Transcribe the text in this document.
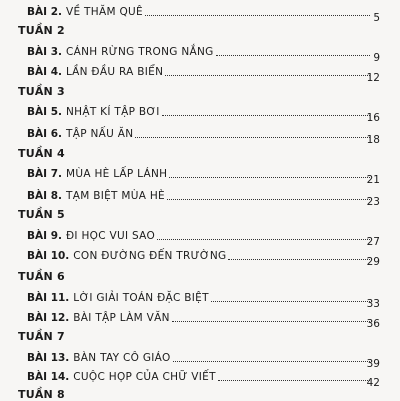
BÀI 2. VỀ THĂM QUÊ	5
TUẦN 2
BÀI 3. CÁNH RỪNG TRONG NẮNG	9
BÀI 4. LẦN ĐẦU RA BIỂN	12
TUẦN 3
BÀI 5. NHẬT KÍ TẬP BƠI	16
BÀI 6. TẬP NẤU ĂN	18
TUẦN 4
BÀI 7. MÙA HÈ LẤP LÁNH	21
BÀI 8. TẠM BIỆT MÙA HÈ	23
TUẦN 5
BÀI 9. ĐI HỌC VUI SAO	27
BÀI 10. CON ĐƯỜNG ĐẾN TRƯỜNG	29
TUẦN 6
BÀI 11. LỜI GIẢI TOÁN ĐẶC BIỆT	33
BÀI 12. BÀI TẬP LÀM VĂN	36
TUẦN 7
BÀI 13. BÀN TAY CÔ GIÁO	39
BÀI 14. CUỘC HỌP CỦA CHỮ VIẾT	42
TUẦN 8
